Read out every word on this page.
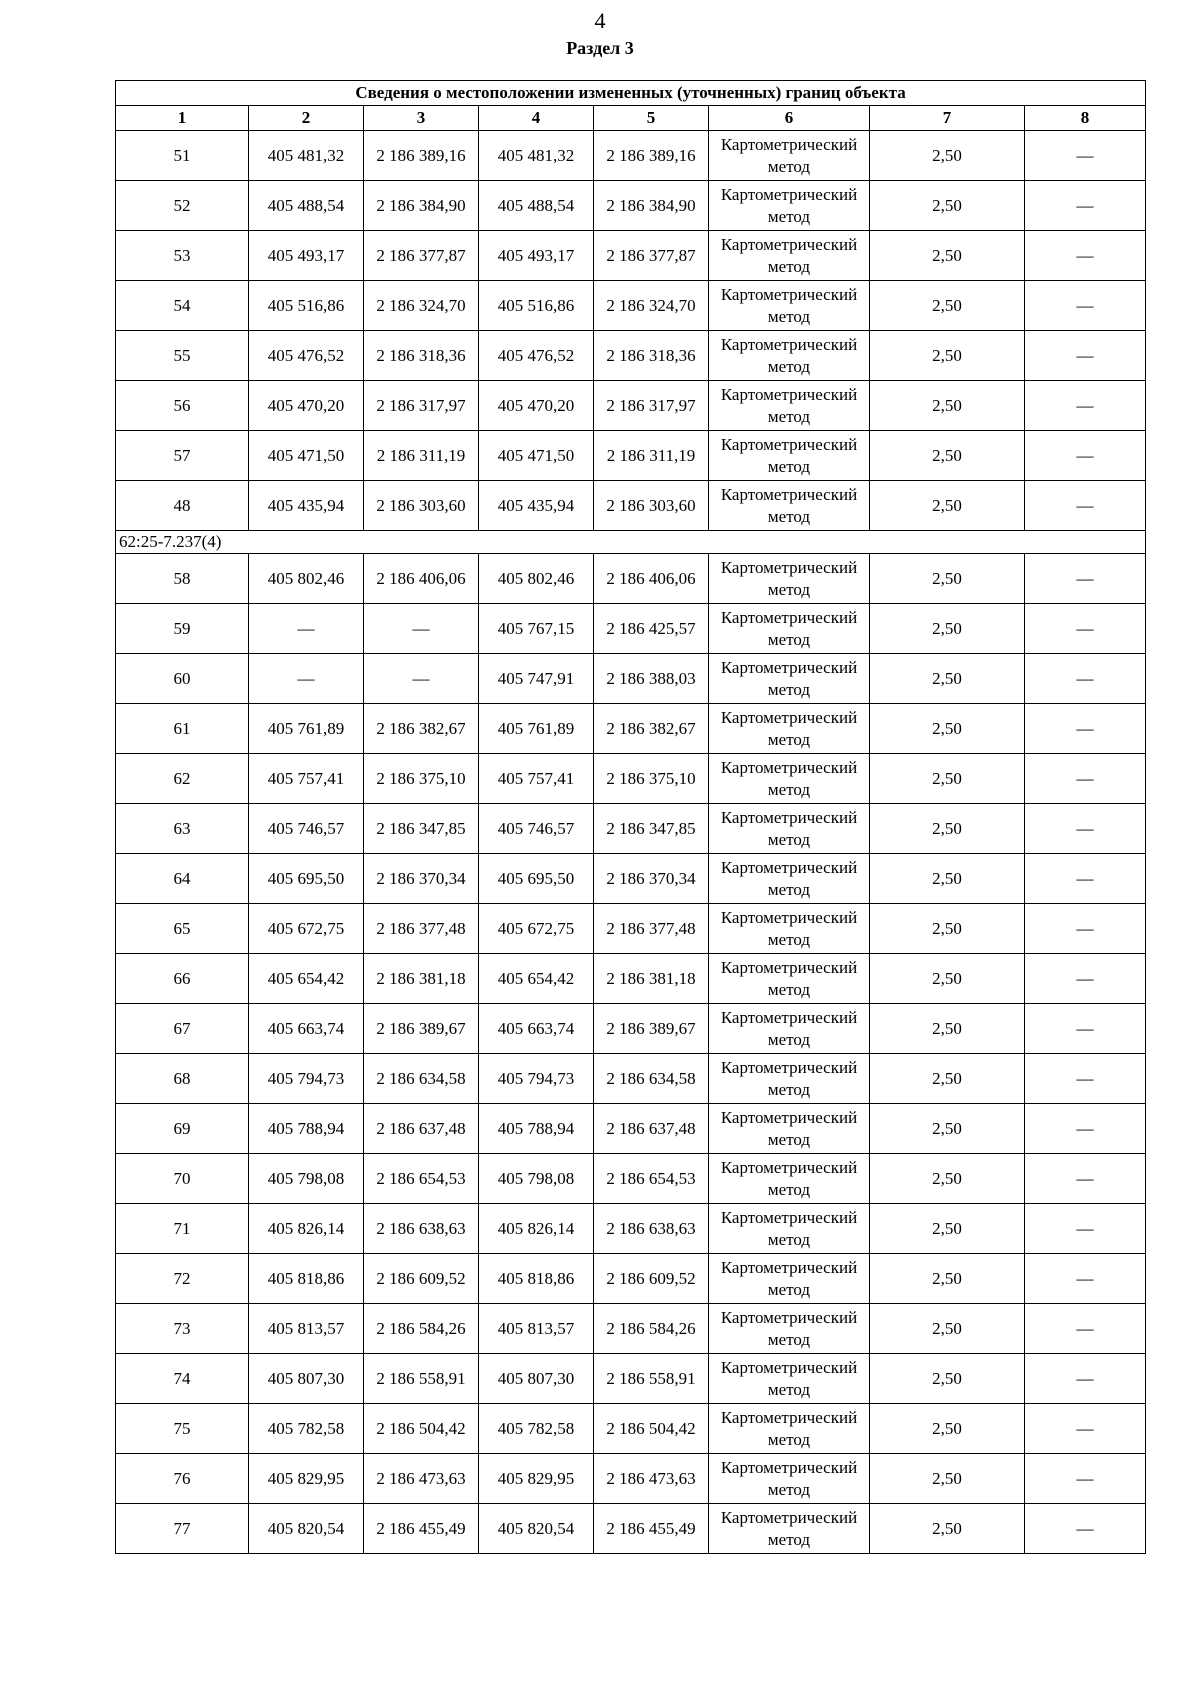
4
Раздел 3
Сведения о местоположении измененных (уточненных) границ объекта							
1	2	3	4	5	6	7	8
51	405 481,32	2 186 389,16	405 481,32	2 186 389,16	Картометрический метод	2,50	—
52	405 488,54	2 186 384,90	405 488,54	2 186 384,90	Картометрический метод	2,50	—
53	405 493,17	2 186 377,87	405 493,17	2 186 377,87	Картометрический метод	2,50	—
54	405 516,86	2 186 324,70	405 516,86	2 186 324,70	Картометрический метод	2,50	—
55	405 476,52	2 186 318,36	405 476,52	2 186 318,36	Картометрический метод	2,50	—
56	405 470,20	2 186 317,97	405 470,20	2 186 317,97	Картометрический метод	2,50	—
57	405 471,50	2 186 311,19	405 471,50	2 186 311,19	Картометрический метод	2,50	—
48	405 435,94	2 186 303,60	405 435,94	2 186 303,60	Картометрический метод	2,50	—
62:25-7.237(4)							
58	405 802,46	2 186 406,06	405 802,46	2 186 406,06	Картометрический метод	2,50	—
59	—	—	405 767,15	2 186 425,57	Картометрический метод	2,50	—
60	—	—	405 747,91	2 186 388,03	Картометрический метод	2,50	—
61	405 761,89	2 186 382,67	405 761,89	2 186 382,67	Картометрический метод	2,50	—
62	405 757,41	2 186 375,10	405 757,41	2 186 375,10	Картометрический метод	2,50	—
63	405 746,57	2 186 347,85	405 746,57	2 186 347,85	Картометрический метод	2,50	—
64	405 695,50	2 186 370,34	405 695,50	2 186 370,34	Картометрический метод	2,50	—
65	405 672,75	2 186 377,48	405 672,75	2 186 377,48	Картометрический метод	2,50	—
66	405 654,42	2 186 381,18	405 654,42	2 186 381,18	Картометрический метод	2,50	—
67	405 663,74	2 186 389,67	405 663,74	2 186 389,67	Картометрический метод	2,50	—
68	405 794,73	2 186 634,58	405 794,73	2 186 634,58	Картометрический метод	2,50	—
69	405 788,94	2 186 637,48	405 788,94	2 186 637,48	Картометрический метод	2,50	—
70	405 798,08	2 186 654,53	405 798,08	2 186 654,53	Картометрический метод	2,50	—
71	405 826,14	2 186 638,63	405 826,14	2 186 638,63	Картометрический метод	2,50	—
72	405 818,86	2 186 609,52	405 818,86	2 186 609,52	Картометрический метод	2,50	—
73	405 813,57	2 186 584,26	405 813,57	2 186 584,26	Картометрический метод	2,50	—
74	405 807,30	2 186 558,91	405 807,30	2 186 558,91	Картометрический метод	2,50	—
75	405 782,58	2 186 504,42	405 782,58	2 186 504,42	Картометрический метод	2,50	—
76	405 829,95	2 186 473,63	405 829,95	2 186 473,63	Картометрический метод	2,50	—
77	405 820,54	2 186 455,49	405 820,54	2 186 455,49	Картометрический метод	2,50	—
